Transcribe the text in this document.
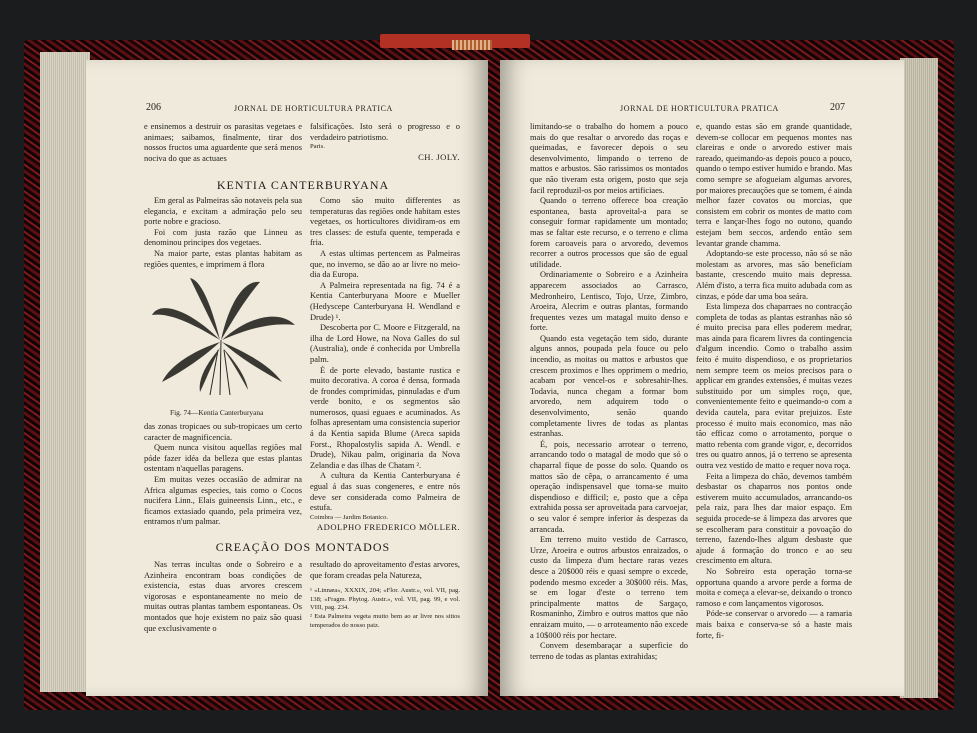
206	JORNAL DE HORTICULTURA PRATICA

e ensinemos a destruir os parasitas vegetaes e animaes; saibamos, finalmente, tirar dos nossos fructos uma aguardente que será menos nociva do que as actuaes

falsificações. Isto será o progresso e o verdadeiro patriotismo.

Paris.
CH. JOLY.
KENTIA CANTERBURYANA

Em geral as Palmeiras são notaveis pela sua elegancia, e excitam a admiração pelo seu porte nobre e gracioso.

Foi com justa razão que Linneu as denominou principes dos vegetaes.

Na maior parte, estas plantas habitam as regiões quentes, e imprimem á flora

Fig. 74—Kentia Canterburyana

das zonas tropicaes ou sub-tropicaes um certo caracter de magnificencia.

Quem nunca visitou aquellas regiões mal póde fazer idéa da belleza que estas plantas ostentam n'aquellas paragens.

Em muitas vezes occasião de admirar na Africa algumas especies, tais como o Cocos nucifera Linn., Elais guineensis Linn., etc., e ficamos extasiado quando, pela primeira vez, entramos n'um palmar.

Como são muito differentes as temperaturas das regiões onde habitam estes vegetaes, os horticultores dividiram-os em tres classes: de estufa quente, temperada e fria.

A estas ultimas pertencem as Palmeiras que, no inverno, se dão ao ar livre no meio-dia da Europa.

A Palmeira representada na fig. 74 é a Kentia Canterburyana Moore e Mueller (Hedyscepe Canterburyana H. Wendland e Drude) ¹.

Descoberta por C. Moore e Fitzgerald, na ilha de Lord Howe, na Nova Galles do sul (Australia), onde é conhecida por Umbrella palm.

É de porte elevado, bastante rustica e muito decorativa. A coroa é densa, formada de frondes comprimidas, pinnuladas e d'um verde bonito, e os segmentos são numerosos, quasi eguaes e acuminados. As folhas apresentam uma consistencia superior á da Kentia sapida Blume (Areca sapida Forst., Rhopalostylis sapida A. Wendl. e Drude), Nikau palm, originaria da Nova Zelandia e das ilhas de Chatam ².

A cultura da Kentia Canterburyana é egual á das suas congeneres, e entre nós deve ser considerada como Palmeira de estufa.

Coimbra — Jardim Botanico.
ADOLPHO FREDERICO MÖLLER.
CREAÇÃO DOS MONTADOS

Nas terras incultas onde o Sobreiro e a Azinheira encontram boas condições de existencia, estas duas arvores crescem vigorosas e espontaneamente no meio de muitas outras plantas tambem espontaneas. Os montados que hoje existem no paiz são quasi que exclusivamente o

resultado do aproveitamento d'estas arvores, que foram creadas pela Natureza,

¹ «Linnæa», XXXIX, 204; «Flor. Austr.», vol. VII, pag. 138; «Fragm. Phytog. Austr.», vol. VII, pag. 99, e vol. VIII, pag. 234.
² Esta Palmeira vegeta muito bem ao ar livre nos sitios temperados do nosso paiz.
JORNAL DE HORTICULTURA PRATICA	207

limitando-se o trabalho do homem a pouco mais do que resaltar o arvoredo das roças e queimadas, e favorecer depois o seu desenvolvimento, limpando o terreno de mattos e arbustos. São rarissimos os montados que não tiveram esta origem, posto que seja facil reproduzil-os por meios artificiaes.

Quando o terreno offerece boa creação espontanea, basta aproveital-a para se conseguir formar rapidamente um montado; mas se faltar este recurso, e o terreno e clima forem caroaveis para o arvoredo, devemos recorrer a outros processos que são de egual utilidade.

Ordinariamente o Sobreiro e a Azinheira apparecem associados ao Carrasco, Medronheiro, Lentisco, Tojo, Urze, Zimbro, Aroeira, Alecrim e outras plantas, formando frequentes vezes um matagal muito denso e forte.

Quando esta vegetação tem sido, durante alguns annos, poupada pela fouce ou pelo incendio, as moitas ou mattos e arbustos que crescem proximos e lhes opprimem o medrio, acabam por vencel-os e sobresahir-lhes. Todavia, nunca chegam a formar bom arvoredo, nem adquirem todo o desenvolvimento, senão quando completamente livres de todas as plantas estranhas.

É, pois, necessario arrotear o terreno, arrancando todo o matagal de modo que só o chaparral fique de posse do solo. Quando os mattos são de cêpa, o arrancamento é uma operação indispensavel que torna-se muito dispendioso e difficil; e, posto que a cêpa extrahida possa ser aproveitada para carvoejar, o seu valor é sempre inferior ás despezas da arrancada.

Em terreno muito vestido de Carrasco, Urze, Aroeira e outros arbustos enraizados, o custo da limpeza d'um hectare raras vezes desce a 20$000 réis e quasi sempre o excede, podendo mesmo exceder a 30$000 réis. Mas, se em logar d'este o terreno tem principalmente mattos de Sargaço, Rosmaninho, Zimbro e outros mattos que não enraizam muito, — o arroteamento não excede a 10$000 réis por hectare.

Convem desembaraçar a superficie do terreno de todas as plantas extrahidas;

e, quando estas são em grande quantidade, devem-se collocar em pequenos montes nas clareiras e onde o arvoredo estiver mais rareado, queimando-as depois pouco a pouco, quando o tempo estiver humido e brando. Mas como sempre se afogueiam algumas arvores, por maiores precauções que se tomem, é ainda melhor fazer covatos ou morcias, que consistem em cobrir os montes de matto com terra e lançar-lhes fogo no outono, quando estejam bem seccos, ardendo então sem levantar grande chamma.

Adoptando-se este processo, não só se não molestam as arvores, mas são beneficiam bastante, crescendo muito mais depressa. Além d'isto, a terra fica muito adubada com as cinzas, e póde dar uma boa seára.

Esta limpeza dos chaparraes no contracção completa de todas as plantas estranhas não só é muito precisa para elles poderem medrar, mas ainda para ficarem livres da contingencia d'algum incendio. Como o trabalho assim feito é muito dispendioso, e os proprietarios nem sempre teem os meios precisos para o applicar em grandes extensões, é muitas vezes substituido por um simples roço, que, convenientemente feito e queimando-o com a devida cautela, para evitar prejuizos. Este processo é muito mais economico, mas não tão efficaz como o arrotamento, porque o matto rebenta com grande vigor, e, decorridos tres ou quatro annos, já o terreno se apresenta outra vez vestido de matto e requer nova roça.

Feita a limpeza do chão, devemos também desbastar os chaparros nos pontos onde estiverem muito accumulados, arrancando-os pela raiz, para lhes dar maior espaço. Em seguida procede-se á limpeza das arvores que se escolheram para constituir a povoação do terreno, fazendo-lhes algum desbaste que ajude á formação do tronco e ao seu crescimento em altura.

No Sobreiro esta operação torna-se opportuna quando a arvore perde a forma de moita e começa a elevar-se, deixando o tronco ramoso e com lançamentos vigorosos.

Póde-se conservar o arvoredo — a ramaria mais baixa e conserva-se só a haste mais forte, fi-
